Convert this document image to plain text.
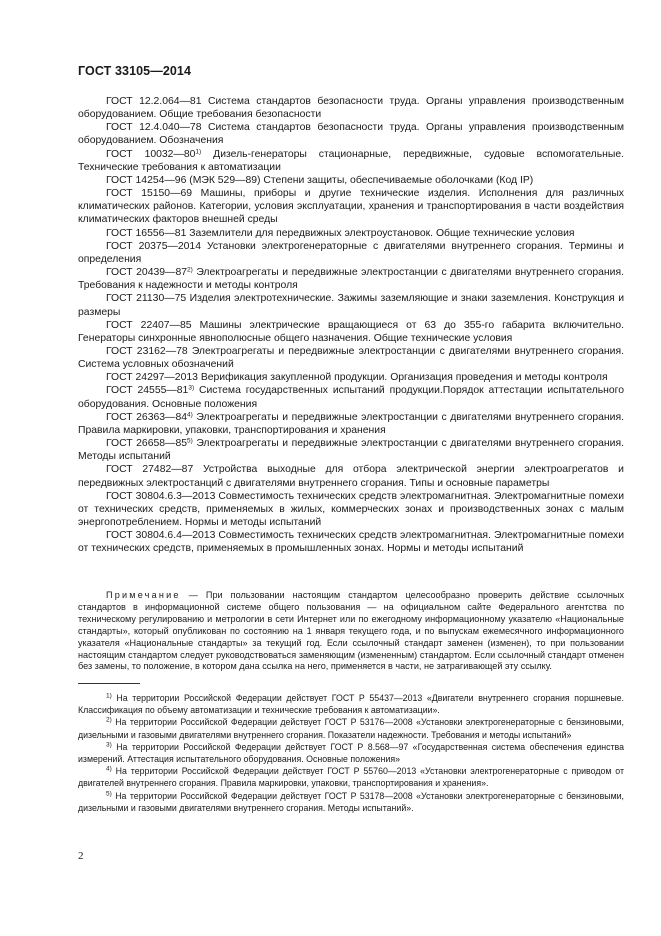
ГОСТ 33105—2014

ГОСТ 12.2.064—81 Система стандартов безопасности труда. Органы управления производственным оборудованием. Общие требования безопасности

ГОСТ 12.4.040—78 Система стандартов безопасности труда. Органы управления производственным оборудованием. Обозначения

ГОСТ 10032—80$^{1)}$ Дизель-генераторы стационарные, передвижные, судовые вспомогательные. Технические требования к автоматизации

ГОСТ 14254—96 (МЭК 529—89) Степени защиты, обеспечиваемые оболочками (Код IP)

ГОСТ 15150—69 Машины, приборы и другие технические изделия. Исполнения для различных климатических районов. Категории, условия эксплуатации, хранения и транспортирования в части воздействия климатических факторов внешней среды

ГОСТ 16556—81 Заземлители для передвижных электроустановок. Общие технические условия

ГОСТ 20375—2014 Установки электрогенераторные с двигателями внутреннего сгорания. Термины и определения

ГОСТ 20439—87$^{2)}$ Электроагрегаты и передвижные электростанции с двигателями внутреннего сгорания. Требования к надежности и методы контроля

ГОСТ 21130—75 Изделия электротехнические. Зажимы заземляющие и знаки заземления. Конструкция и размеры

ГОСТ 22407—85 Машины электрические вращающиеся от 63 до 355-го габарита включительно. Генераторы синхронные явнополюсные общего назначения. Общие технические условия

ГОСТ 23162—78 Электроагрегаты и передвижные электростанции с двигателями внутреннего сгорания. Система условных обозначений

ГОСТ 24297—2013 Верификация закупленной продукции. Организация проведения и методы контроля

ГОСТ 24555—81$^{3)}$ Система государственных испытаний продукции.Порядок аттестации испытательного оборудования. Основные положения

ГОСТ 26363—84$^{4)}$ Электроагрегаты и передвижные электростанции с двигателями внутреннего сгорания. Правила маркировки, упаковки, транспортирования и хранения

ГОСТ 26658—85$^{5)}$ Электроагрегаты и передвижные электростанции с двигателями внутреннего сгорания. Методы испытаний

ГОСТ 27482—87 Устройства выходные для отбора электрической энергии электроагрегатов и передвижных электростанций с двигателями внутреннего сгорания. Типы и основные параметры

ГОСТ 30804.6.3—2013 Совместимость технических средств электромагнитная. Электромагнитные помехи от технических средств, применяемых в жилых, коммерческих зонах и производственных зонах с малым энергопотреблением. Нормы и методы испытаний

ГОСТ 30804.6.4—2013 Совместимость технических средств электромагнитная. Электромагнитные помехи от технических средств, применяемых в промышленных зонах. Нормы и методы испытаний

Примечание — При пользовании настоящим стандартом целесообразно проверить действие ссылочных стандартов в информационной системе общего пользования — на официальном сайте Федерального агентства по техническому регулированию и метрологии в сети Интернет или по ежегодному информационному указателю «Национальные стандарты», который опубликован по состоянию на 1 января текущего года, и по выпускам ежемесячного информационного указателя «Национальные стандарты» за текущий год. Если ссылочный стандарт заменен (изменен), то при пользовании настоящим стандартом следует руководствоваться заменяющим (измененным) стандартом. Если ссылочный стандарт отменен без замены, то положение, в котором дана ссылка на него, применяется в части, не затрагивающей эту ссылку.

$^{1)}$ На территории Российской Федерации действует ГОСТ Р 55437—2013 «Двигатели внутреннего сгорания поршневые. Классификация по объему автоматизации и технические требования к автоматизации».

$^{2)}$ На территории Российской Федерации действует ГОСТ Р 53176—2008 «Установки электрогенераторные с бензиновыми, дизельными и газовыми двигателями внутреннего сгорания. Показатели надежности. Требования и методы испытаний»

$^{3)}$ На территории Российской Федерации действует ГОСТ Р 8.568—97 «Государственная система обеспечения единства измерений. Аттестация испытательного оборудования. Основные положения»

$^{4)}$ На территории Российской Федерации действует ГОСТ Р 55760—2013 «Установки электрогенераторные с приводом от двигателей внутреннего сгорания. Правила маркировки, упаковки, транспортирования и хранения».

$^{5)}$ На территории Российской Федерации действует ГОСТ Р 53178—2008 «Установки электрогенераторные с бензиновыми, дизельными и газовыми двигателями внутреннего сгорания. Методы испытаний».

2
